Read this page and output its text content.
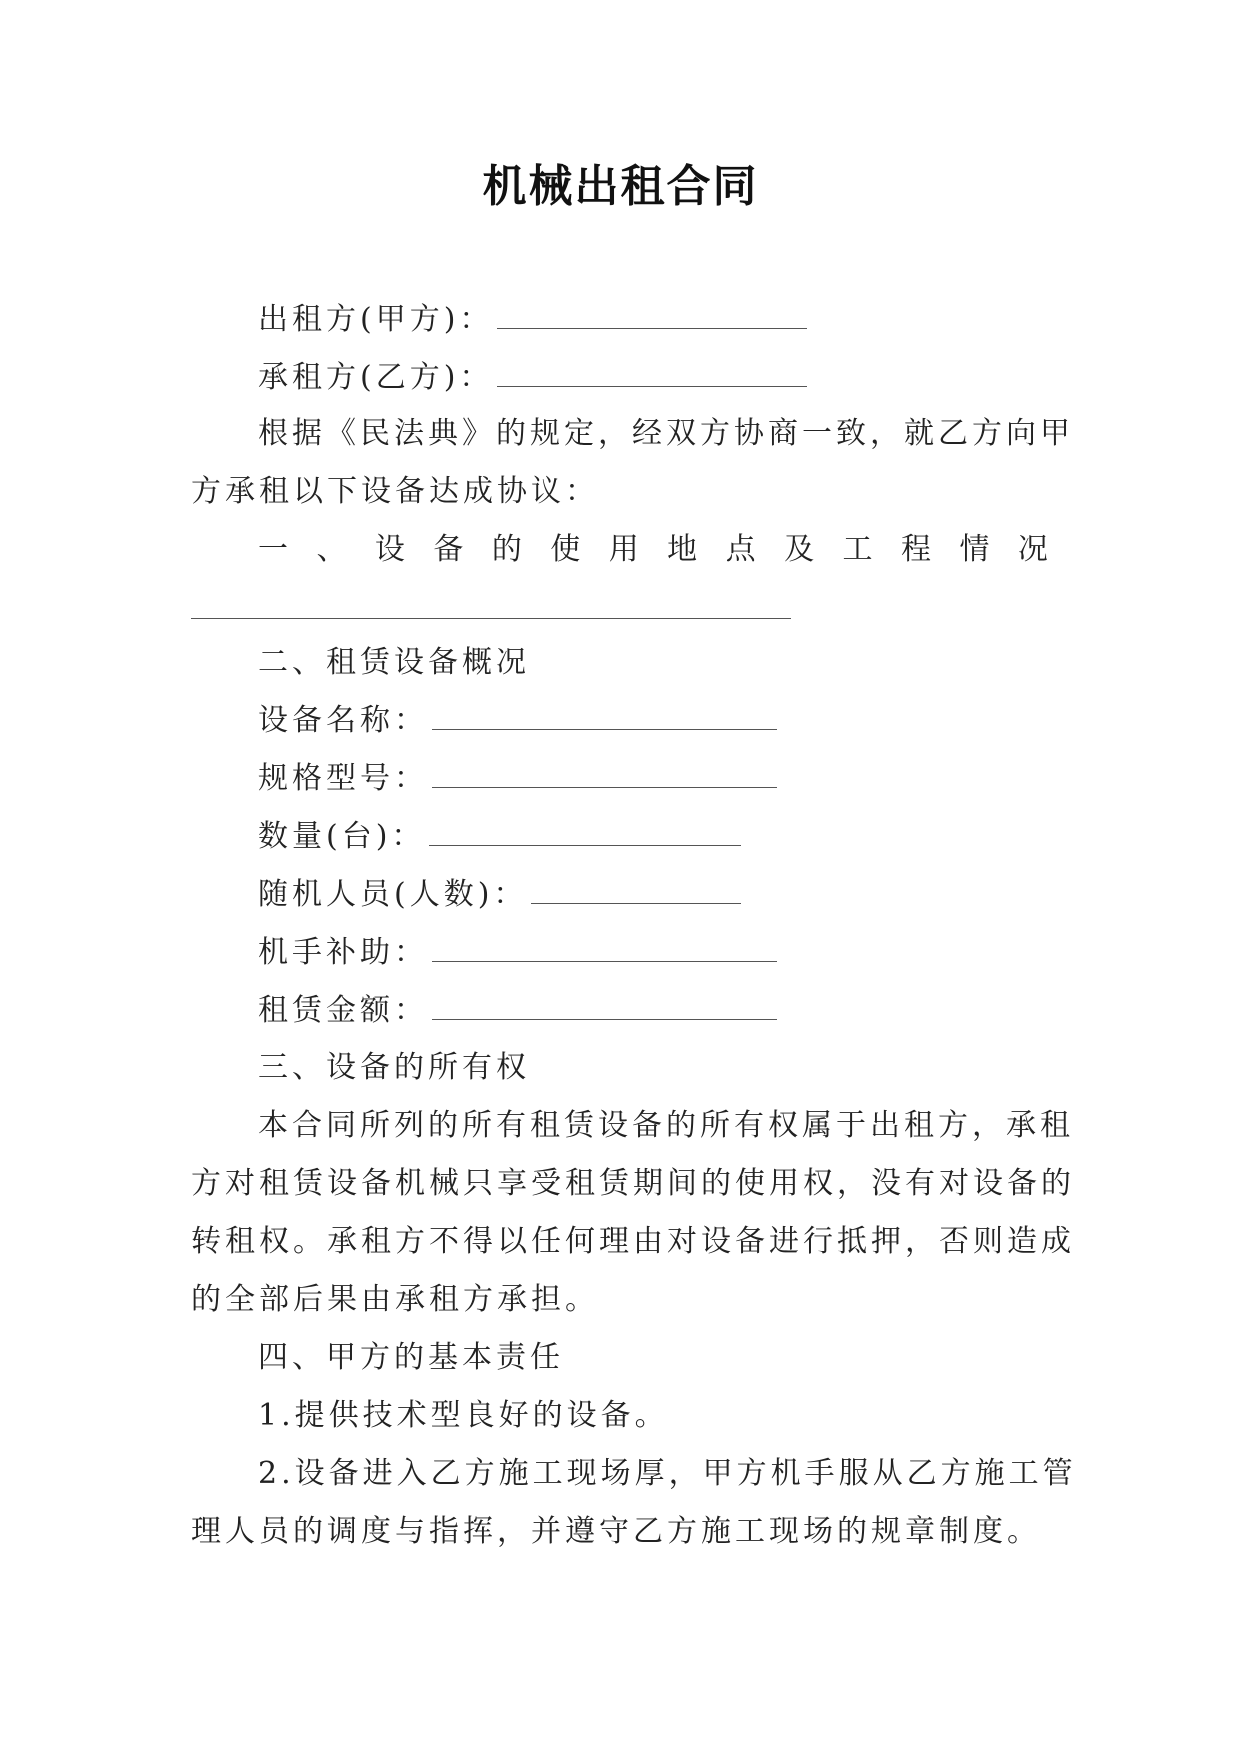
机械出租合同
出租方(甲方)：
承租方(乙方)：
根据《民法典》的规定，经双方协商一致，就乙方向甲
方承租以下设备达成协议：
一 、 设 备 的 使 用 地 点 及 工 程 情 况
二、租赁设备概况
设备名称：
规格型号：
数量(台)：
随机人员(人数)：
机手补助：
租赁金额：
三、设备的所有权
本合同所列的所有租赁设备的所有权属于出租方，承租
方对租赁设备机械只享受租赁期间的使用权，没有对设备的
转租权。承租方不得以任何理由对设备进行抵押，否则造成
的全部后果由承租方承担。
四、甲方的基本责任
1.提供技术型良好的设备。
2.设备进入乙方施工现场厚，甲方机手服从乙方施工管
理人员的调度与指挥，并遵守乙方施工现场的规章制度。
